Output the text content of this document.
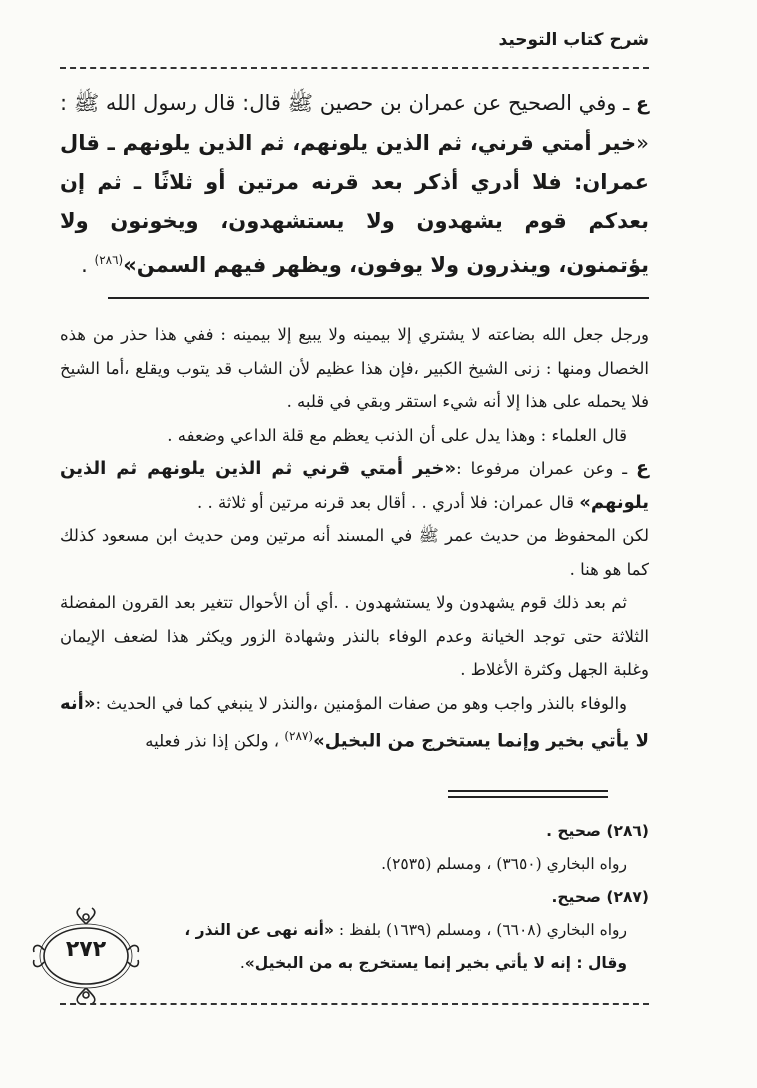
شرح كتاب التوحيد
ع ـ وفي الصحيح عن عمران بن حصين ﷺ قال: قال رسول الله ﷺ : «خير أمتي قرني، ثم الذين يلونهم، ثم الذين يلونهم ـ قال عمران: فلا أدري أذكر بعد قرنه مرتين أو ثلاثًا ـ ثم إن بعدكم قوم يشهدون ولا يستشهدون، ويخونون ولا يؤتمنون، وينذرون ولا يوفون، ويظهر فيهم السمن»$^{(٢٨٦)}$ .

ورجل جعل الله بضاعته لا يشتري إلا بيمينه ولا يبيع إلا بيمينه : ففي هذا حذر من هذه الخصال ومنها : زنى الشيخ الكبير ،فإن هذا عظيم لأن الشاب قد يتوب ويقلع ،أما الشيخ فلا يحمله على هذا إلا أنه شيء استقر وبقي في قلبه .

قال العلماء : وهذا يدل على أن الذنب يعظم مع قلة الداعي وضعفه .

ع ـ وعن عمران مرفوعا :«خير أمتي قرني ثم الذين يلونهم ثم الذين يلونهم» قال عمران: فلا أدري . . أقال بعد قرنه مرتين أو ثلاثة . .

لكن المحفوظ من حديث عمر ﷺ في المسند أنه مرتين ومن حديث ابن مسعود كذلك كما هو هنا .

ثم بعد ذلك قوم يشهدون ولا يستشهدون . .أي أن الأحوال تتغير بعد القرون المفضلة الثلاثة حتى توجد الخيانة وعدم الوفاء بالنذر وشهادة الزور ويكثر هذا لضعف الإيمان وغلبة الجهل وكثرة الأغلاط .

والوفاء بالنذر واجب وهو من صفات المؤمنين ،والنذر لا ينبغي كما في الحديث :«أنه لا يأتي بخير وإنما يستخرج من البخيل»$^{(٢٨٧)}$ ، ولكن إذا نذر فعليه

(٢٨٦) صحيح .
رواه البخاري (٣٦٥٠) ، ومسلم (٢٥٣٥).
(٢٨٧) صحيح.
رواه البخاري (٦٦٠٨) ، ومسلم (١٦٣٩) بلفظ : «أنه نهى عن النذر ، وقال : إنه لا يأتي بخير إنما يستخرج به من البخيل».
٢٧٢
